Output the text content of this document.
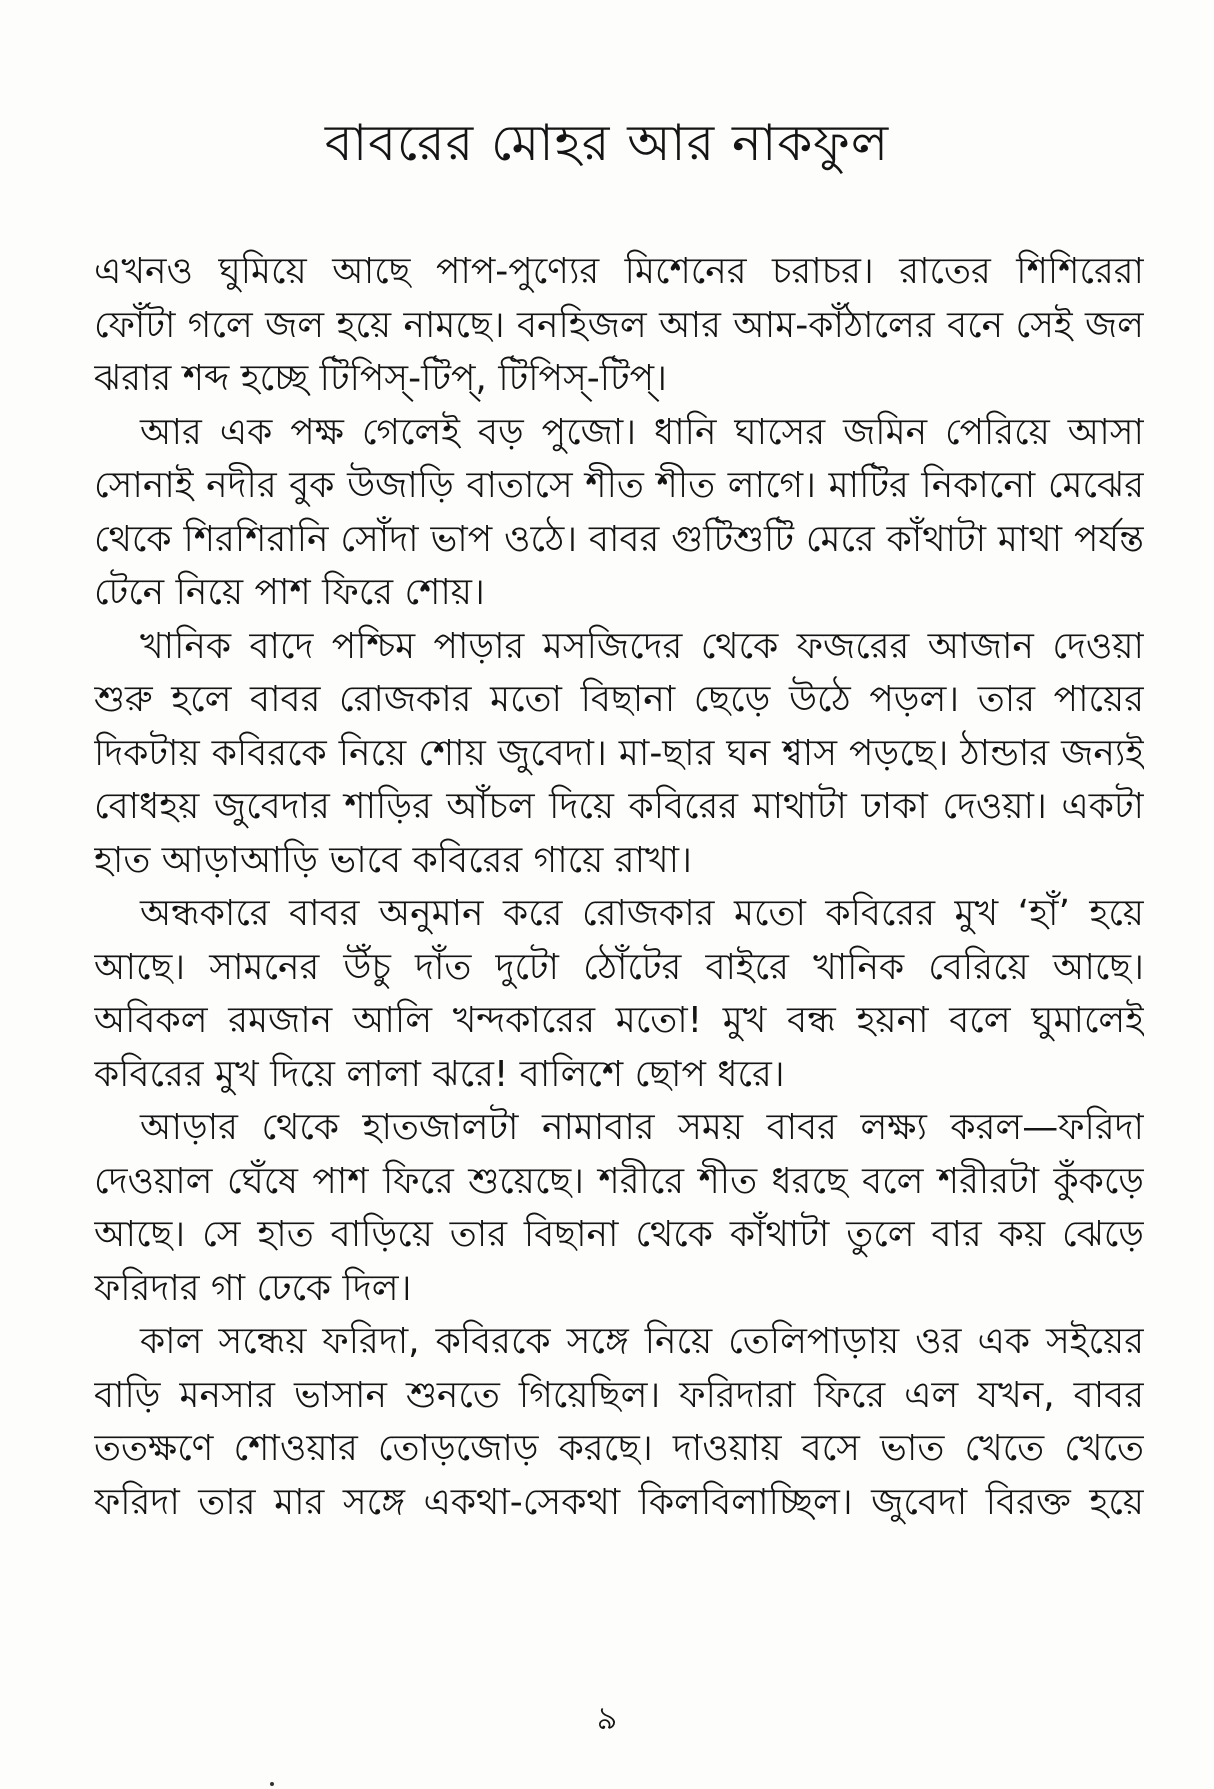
বাবরের মোহর আর নাকফুল
এখনও ঘুমিয়ে আছে পাপ-পুণ্যের মিশেনের চরাচর। রাতের শিশিরেরা
ফোঁটা গলে জল হয়ে নামছে। বনহিজল আর আম-কাঁঠালের বনে সেই জল
ঝরার শব্দ হচ্ছে টিপিস্-টিপ্, টিপিস্-টিপ্।
আর এক পক্ষ গেলেই বড় পুজো। ধানি ঘাসের জমিন পেরিয়ে আসা
সোনাই নদীর বুক উজাড়ি বাতাসে শীত শীত লাগে। মাটির নিকানো মেঝের
থেকে শিরশিরানি সোঁদা ভাপ ওঠে। বাবর গুটিশুটি মেরে কাঁথাটা মাথা পর্যন্ত
টেনে নিয়ে পাশ ফিরে শোয়।
খানিক বাদে পশ্চিম পাড়ার মসজিদের থেকে ফজরের আজান দেওয়া
শুরু হলে বাবর রোজকার মতো বিছানা ছেড়ে উঠে পড়ল। তার পায়ের
দিকটায় কবিরকে নিয়ে শোয় জুবেদা। মা-ছার ঘন শ্বাস পড়ছে। ঠান্ডার জন্যই
বোধহয় জুবেদার শাড়ির আঁচল দিয়ে কবিরের মাথাটা ঢাকা দেওয়া। একটা
হাত আড়াআড়ি ভাবে কবিরের গায়ে রাখা।
অন্ধকারে বাবর অনুমান করে রোজকার মতো কবিরের মুখ ‘হাঁ’ হয়ে
আছে। সামনের উঁচু দাঁত দুটো ঠোঁটের বাইরে খানিক বেরিয়ে আছে।
অবিকল রমজান আলি খন্দকারের মতো! মুখ বন্ধ হয়না বলে ঘুমালেই
কবিরের মুখ দিয়ে লালা ঝরে! বালিশে ছোপ ধরে।
আড়ার থেকে হাতজালটা নামাবার সময় বাবর লক্ষ্য করল—ফরিদা
দেওয়াল ঘেঁষে পাশ ফিরে শুয়েছে। শরীরে শীত ধরছে বলে শরীরটা কুঁকড়ে
আছে। সে হাত বাড়িয়ে তার বিছানা থেকে কাঁথাটা তুলে বার কয় ঝেড়ে
ফরিদার গা ঢেকে দিল।
কাল সন্ধেয় ফরিদা, কবিরকে সঙ্গে নিয়ে তেলিপাড়ায় ওর এক সইয়ের
বাড়ি মনসার ভাসান শুনতে গিয়েছিল। ফরিদারা ফিরে এল যখন, বাবর
ততক্ষণে শোওয়ার তোড়জোড় করছে। দাওয়ায় বসে ভাত খেতে খেতে
ফরিদা তার মার সঙ্গে একথা-সেকথা কিলবিলাচ্ছিল। জুবেদা বিরক্ত হয়ে
৯
